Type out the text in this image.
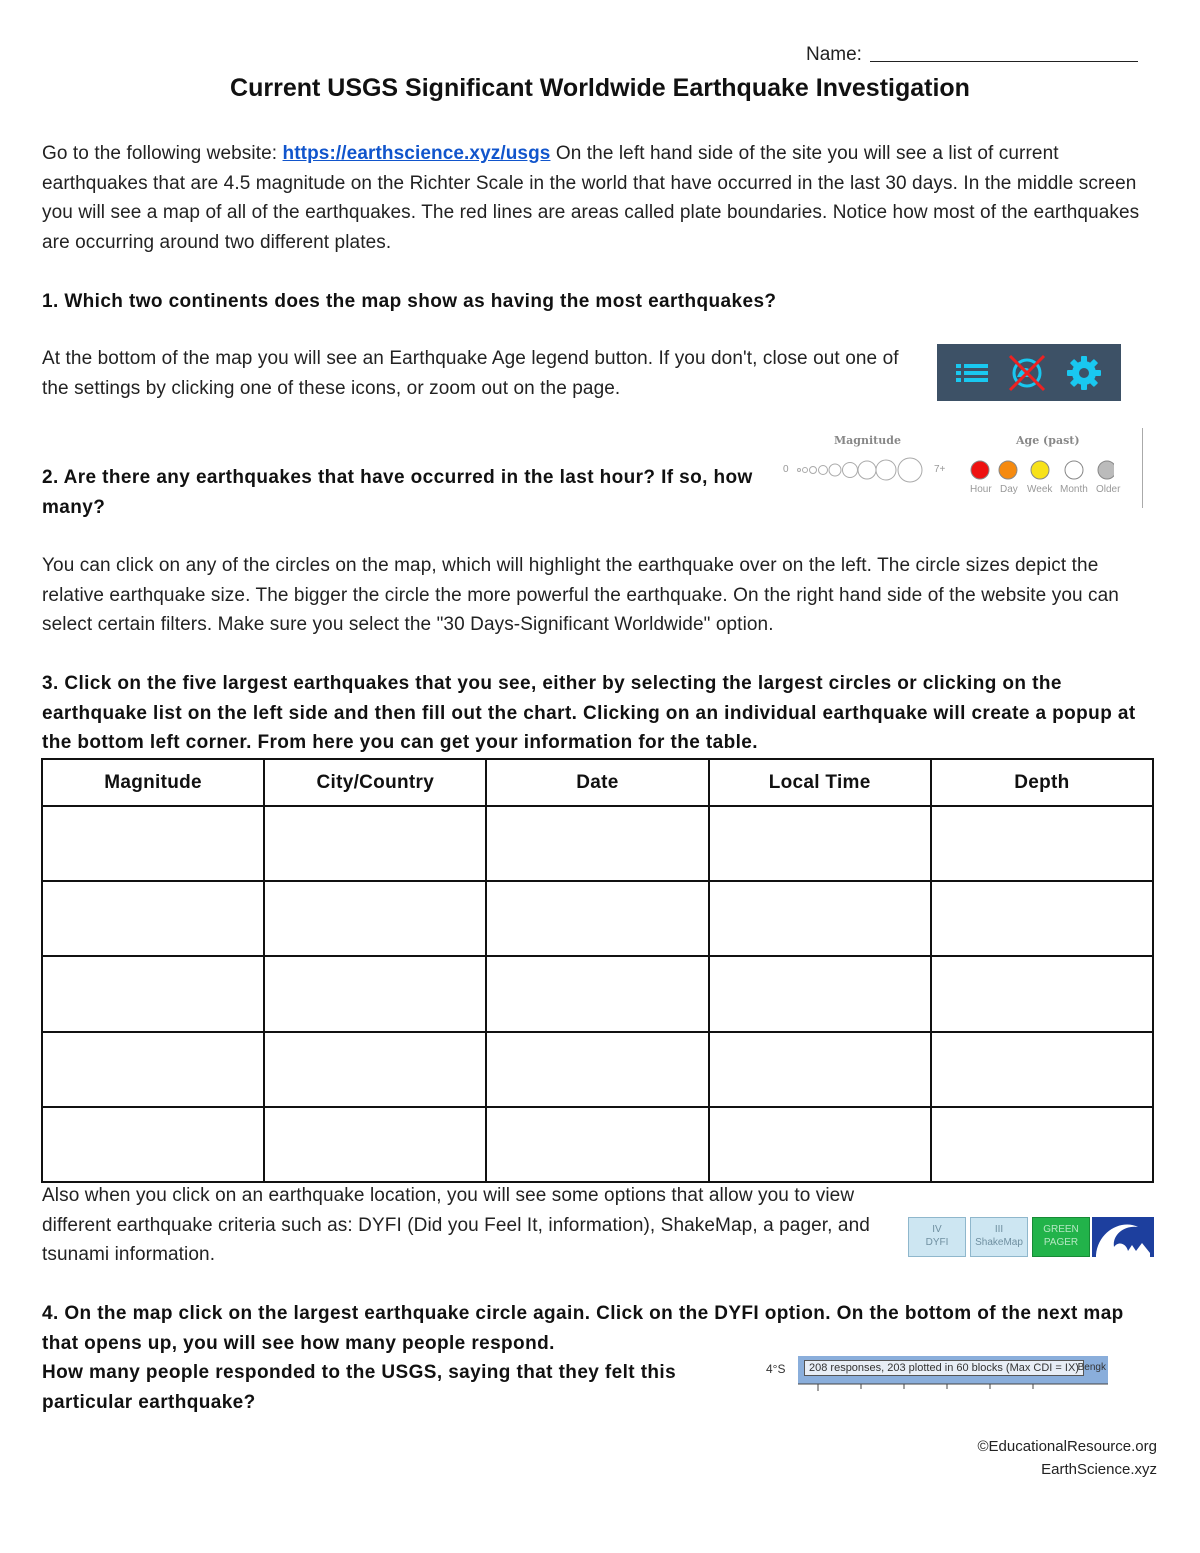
Name:
Current USGS Significant Worldwide Earthquake Investigation
Go to the following website: https://earthscience.xyz/usgs On the left hand side of the site you will see a list of current earthquakes that are 4.5 magnitude on the Richter Scale in the world that have occurred in the last 30 days. In the middle screen you will see a map of all of the earthquakes. The red lines are areas called plate boundaries. Notice how most of the earthquakes are occurring around two different plates.
1. Which two continents does the map show as having the most earthquakes?
At the bottom of the map you will see an Earthquake Age legend button. If you don't, close out one of the settings by clicking one of these icons, or zoom out on the page.
Magnitude	Age (past)
0	7+
Hour Day Week Month Older
2. Are there any earthquakes that have occurred in the last hour? If so, how many?
You can click on any of the circles on the map, which will highlight the earthquake over on the left. The circle sizes depict the relative earthquake size. The bigger the circle the more powerful the earthquake. On the right hand side of the website you can select certain filters. Make sure you select the "30 Days-Significant Worldwide" option.
3. Click on the five largest earthquakes that you see, either by selecting the largest circles or clicking on the earthquake list on the left side and then fill out the chart. Clicking on an individual earthquake will create a popup at the bottom left corner. From here you can get your information for the table.
Magnitude	City/Country	Date	Local Time	Depth

Also when you click on an earthquake location, you will see some options that allow you to view different earthquake criteria such as: DYFI (Did you Feel It, information), ShakeMap, a pager, and tsunami information.
IV
DYFI
III
ShakeMap
GREEN
PAGER
4. On the map click on the largest earthquake circle again. Click on the DYFI option. On the bottom of the next map that opens up, you will see how many people respond.
How many people responded to the USGS, saying that they felt this particular earthquake?
4°S	208 responses, 203 plotted in 60 blocks (Max CDI = IX)
Bengk
©EducationalResource.org
EarthScience.xyz
